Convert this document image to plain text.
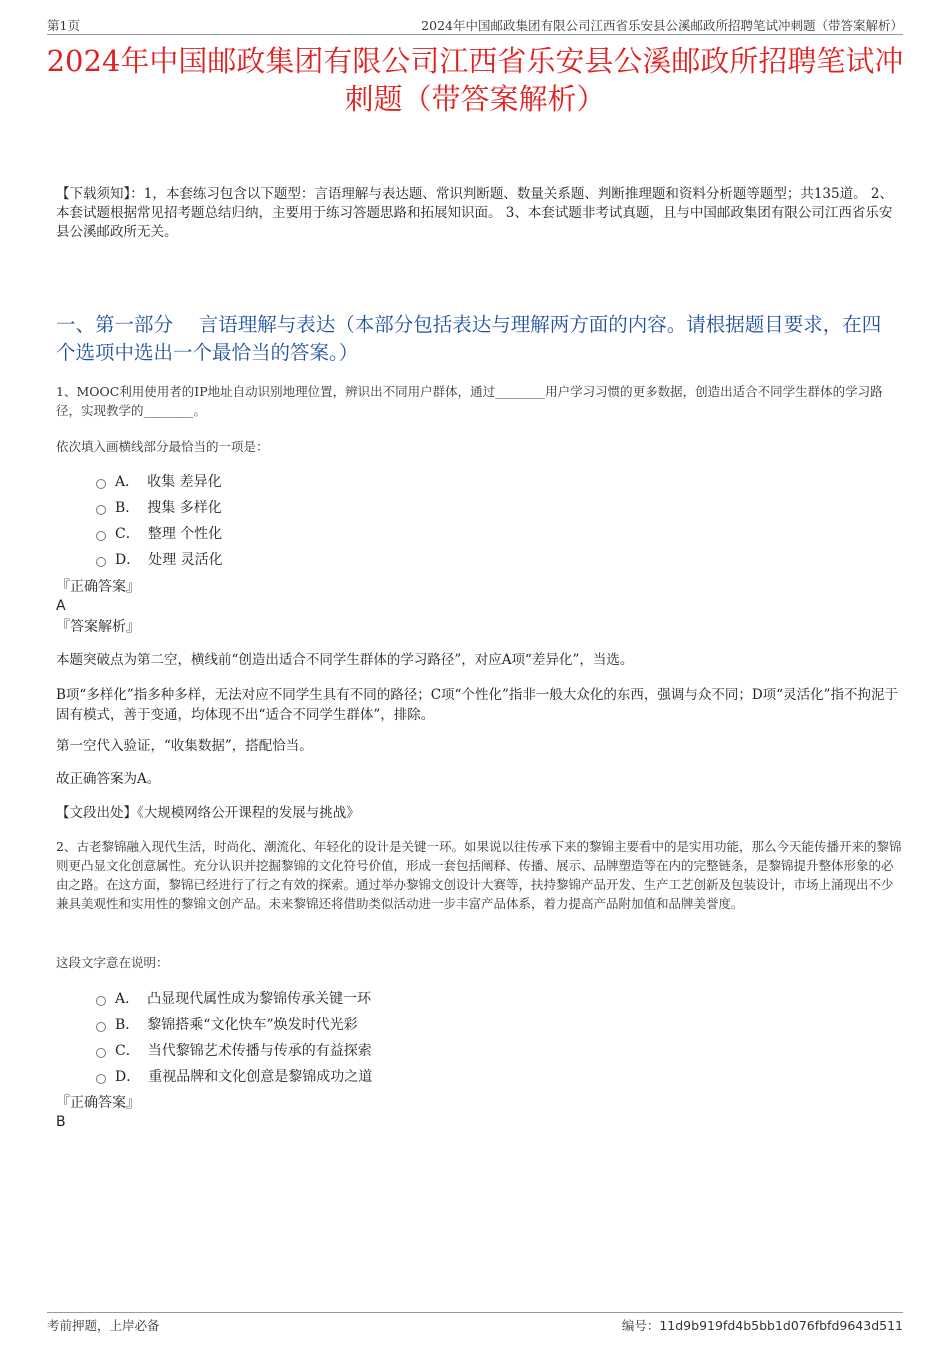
第1页	2024年中国邮政集团有限公司江西省乐安县公溪邮政所招聘笔试冲刺题（带答案解析）
2024年中国邮政集团有限公司江西省乐安县公溪邮政所招聘笔试冲刺题（带答案解析）
【下载须知】：1，本套练习包含以下题型：言语理解与表达题、常识判断题、数量关系题、判断推理题和资料分析题等题型；共135道。 2、本套试题根据常见招考题总结归纳，主要用于练习答题思路和拓展知识面。 3、本套试题非考试真题，且与中国邮政集团有限公司江西省乐安县公溪邮政所无关。
一、第一部分　 言语理解与表达（本部分包括表达与理解两方面的内容。请根据题目要求，在四个选项中选出一个最恰当的答案。）
1、MOOC利用使用者的IP地址自动识别地理位置，辨识出不同用户群体，通过________用户学习习惯的更多数据，创造出适合不同学生群体的学习路径，实现教学的________。
依次填入画横线部分最恰当的一项是：
A． 收集 差异化
B． 搜集 多样化
C． 整理 个性化
D． 处理 灵活化
『正确答案』
A
『答案解析』
本题突破点为第二空，横线前“创造出适合不同学生群体的学习路径”，对应A项“差异化”，当选。
B项“多样化”指多种多样，无法对应不同学生具有不同的路径；C项“个性化”指非一般大众化的东西，强调与众不同；D项“灵活化”指不拘泥于固有模式，善于变通，均体现不出“适合不同学生群体”，排除。
第一空代入验证，“收集数据”，搭配恰当。
故正确答案为A。
【文段出处】《大规模网络公开课程的发展与挑战》
2、古老黎锦融入现代生活，时尚化、潮流化、年轻化的设计是关键一环。如果说以往传承下来的黎锦主要看中的是实用功能，那么今天能传播开来的黎锦则更凸显文化创意属性。充分认识并挖掘黎锦的文化符号价值，形成一套包括阐释、传播、展示、品牌塑造等在内的完整链条，是黎锦提升整体形象的必由之路。在这方面，黎锦已经进行了行之有效的探索。通过举办黎锦文创设计大赛等，扶持黎锦产品开发、生产工艺创新及包装设计，市场上涌现出不少兼具美观性和实用性的黎锦文创产品。未来黎锦还将借助类似活动进一步丰富产品体系，着力提高产品附加值和品牌美誉度。
这段文字意在说明：
A． 凸显现代属性成为黎锦传承关键一环
B． 黎锦搭乘“文化快车”焕发时代光彩
C． 当代黎锦艺术传播与传承的有益探索
D． 重视品牌和文化创意是黎锦成功之道
『正确答案』
B
考前押题，上岸必备	编号：11d9b919fd4b5bb1d076fbfd9643d511
